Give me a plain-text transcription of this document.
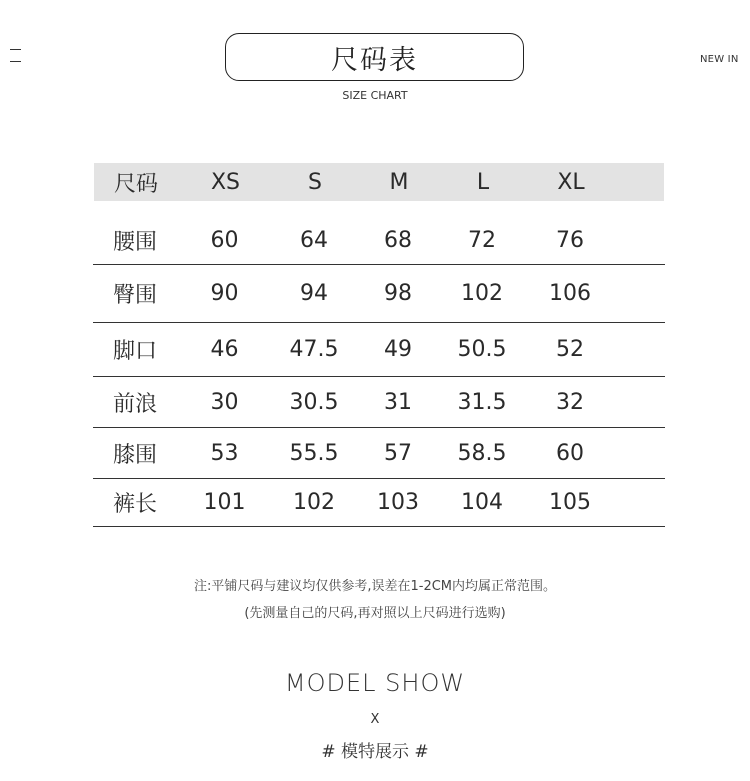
NEW IN
尺码表
SIZE CHART
尺码	XS	S	M	L	XL
腰围	60	64	68	72	76
臀围	90	94	98	102	106
脚口	46	47.5	49	50.5	52
前浪	30	30.5	31	31.5	32
膝围	53	55.5	57	58.5	60
裤长	101	102	103	104	105
注:平铺尺码与建议均仅供参考,误差在1-2CM内均属正常范围。
(先测量自己的尺码,再对照以上尺码进行选购)
MODEL SHOW
X
# 模特展示 #
